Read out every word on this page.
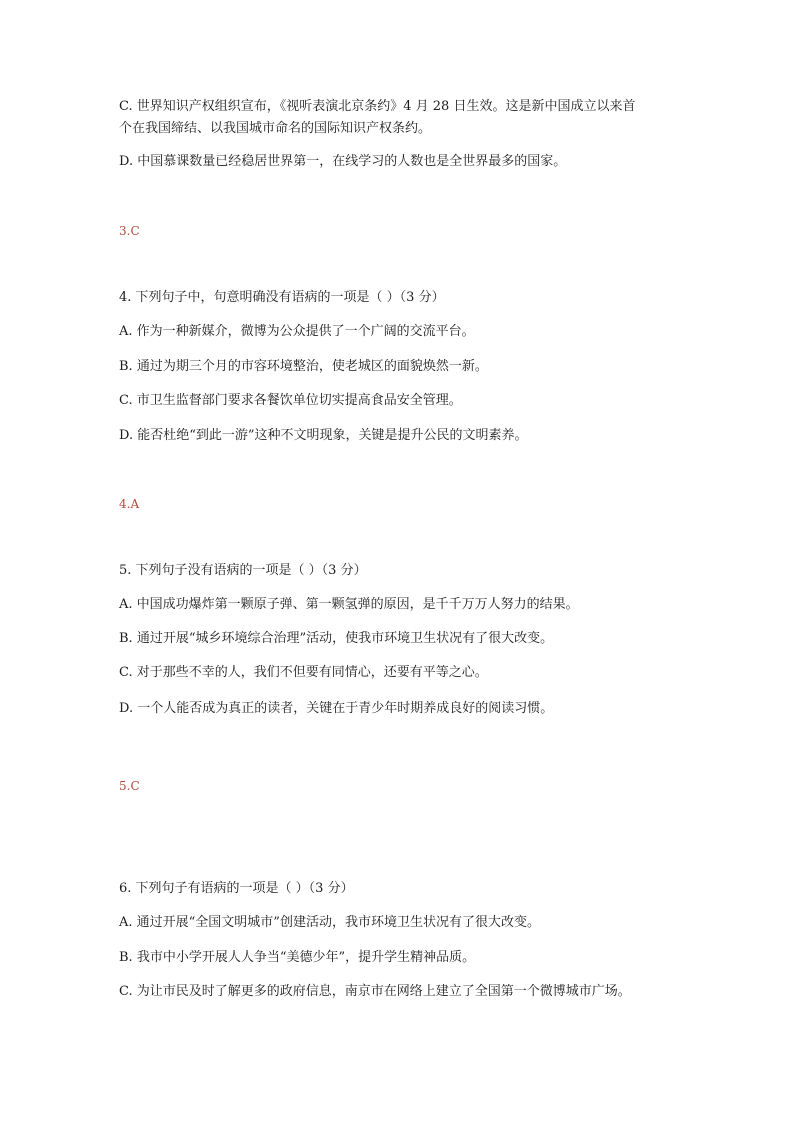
C. 世界知识产权组织宣布，《视听表演北京条约》4 月 28 日生效。这是新中国成立以来首
个在我国缔结、以我国城市命名的国际知识产权条约。
D. 中国慕课数量已经稳居世界第一，在线学习的人数也是全世界最多的国家。
3.C
4. 下列句子中，句意明确没有语病的一项是（ ）（3 分）
A. 作为一种新媒介，微博为公众提供了一个广阔的交流平台。
B. 通过为期三个月的市容环境整治，使老城区的面貌焕然一新。
C. 市卫生监督部门要求各餐饮单位切实提高食品安全管理。
D. 能否杜绝“到此一游”这种不文明现象，关键是提升公民的文明素养。
4.A
5. 下列句子没有语病的一项是（ ）（3 分）
A. 中国成功爆炸第一颗原子弹、第一颗氢弹的原因，是千千万万人努力的结果。
B. 通过开展“城乡环境综合治理”活动，使我市环境卫生状况有了很大改变。
C. 对于那些不幸的人，我们不但要有同情心，还要有平等之心。
D. 一个人能否成为真正的读者，关键在于青少年时期养成良好的阅读习惯。
5.C
6. 下列句子有语病的一项是（ ）（3 分）
A. 通过开展“全国文明城市”创建活动，我市环境卫生状况有了很大改变。
B. 我市中小学开展人人争当“美德少年”，提升学生精神品质。
C. 为让市民及时了解更多的政府信息，南京市在网络上建立了全国第一个微博城市广场。
